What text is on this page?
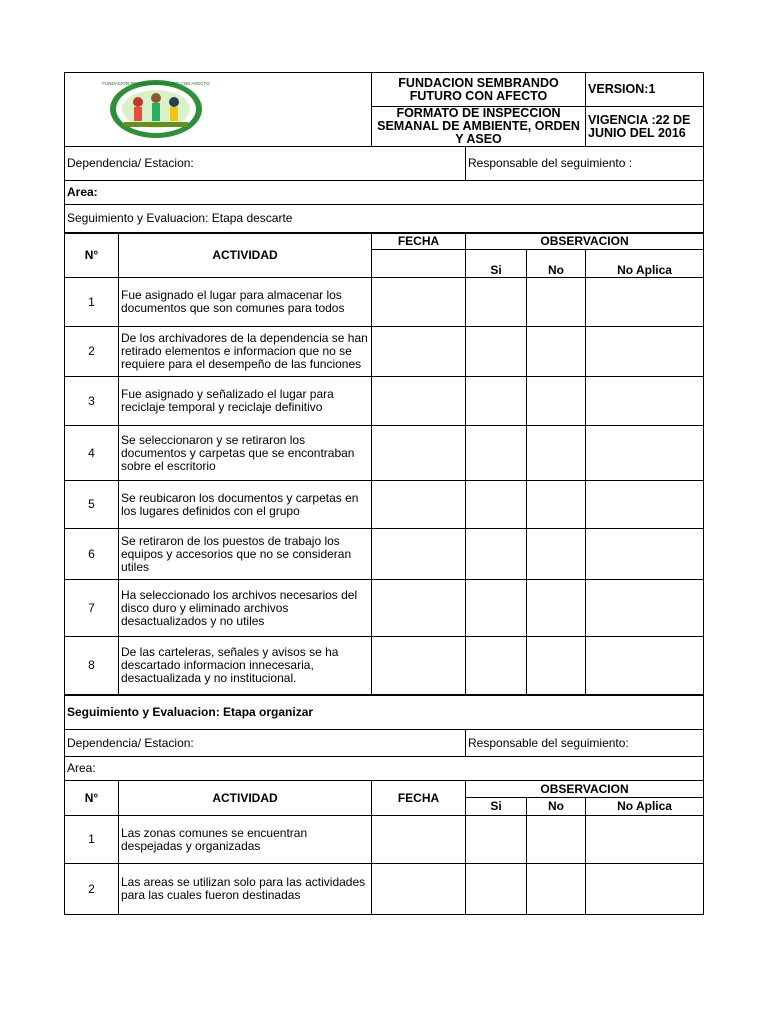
FUNDACION SEMBRANDO FUTURO CON AFECTO		FUNDACION SEMBRANDO FUTURO CON AFECTO			VERSION:1
		FORMATO DE INSPECCION SEMANAL DE AMBIENTE, ORDEN Y ASEO			VIGENCIA :22 DE JUNIO DEL 2016
Dependencia/ Estacion:			Responsable del seguimiento :		
Area:					
Seguimiento y Evaluacion: Etapa descarte					
N°	ACTIVIDAD	FECHA	OBSERVACION		
			Si	No	No Aplica
1	Fue asignado el lugar para almacenar los documentos que son comunes para todos				
2	De los archivadores de la dependencia se han retirado elementos e informacion que no se requiere para el desempeño de las funciones				
3	Fue asignado y señalizado el lugar para reciclaje temporal y reciclaje definitivo				
4	Se seleccionaron y se retiraron los documentos y carpetas que se encontraban sobre el escritorio				
5	Se reubicaron los documentos y carpetas en los lugares definidos con el grupo				
6	Se retiraron de los puestos de trabajo los equipos y accesorios que no se consideran utiles				
7	Ha seleccionado los archivos necesarios del disco duro y eliminado archivos desactualizados y no utiles				
8	De las carteleras, señales y avisos se ha descartado informacion innecesaria, desactualizada y no institucional.				
Seguimiento y Evaluacion: Etapa organizar					
Dependencia/ Estacion:			Responsable del seguimiento:		
Area:					
N°	ACTIVIDAD	FECHA	OBSERVACION		
			Si	No	No Aplica
1	Las zonas comunes se encuentran despejadas y organizadas				
2	Las areas se utilizan solo para las actividades para las cuales fueron destinadas				
